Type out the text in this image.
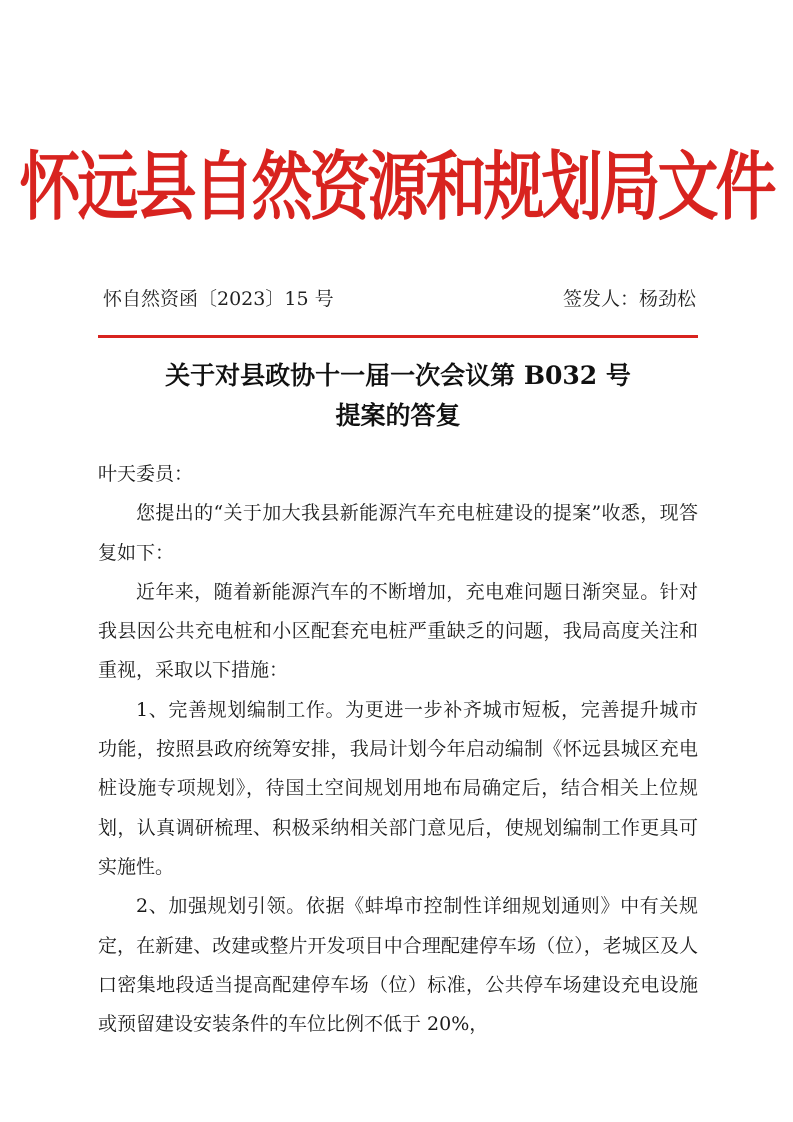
怀远县自然资源和规划局文件
怀自然资函〔2023〕15 号	签发人：杨劲松
关于对县政协十一届一次会议第 B032 号
提案的答复

叶天委员：

您提出的“关于加大我县新能源汽车充电桩建设的提案”收悉，现答复如下：

近年来，随着新能源汽车的不断增加，充电难问题日渐突显。针对我县因公共充电桩和小区配套充电桩严重缺乏的问题，我局高度关注和重视，采取以下措施：

1、完善规划编制工作。为更进一步补齐城市短板，完善提升城市功能，按照县政府统筹安排，我局计划今年启动编制《怀远县城区充电桩设施专项规划》，待国土空间规划用地布局确定后，结合相关上位规划，认真调研梳理、积极采纳相关部门意见后，使规划编制工作更具可实施性。

2、加强规划引领。依据《蚌埠市控制性详细规划通则》中有关规定，在新建、改建或整片开发项目中合理配建停车场（位），老城区及人口密集地段适当提高配建停车场（位）标准，公共停车场建设充电设施或预留建设安装条件的车位比例不低于 20%，
